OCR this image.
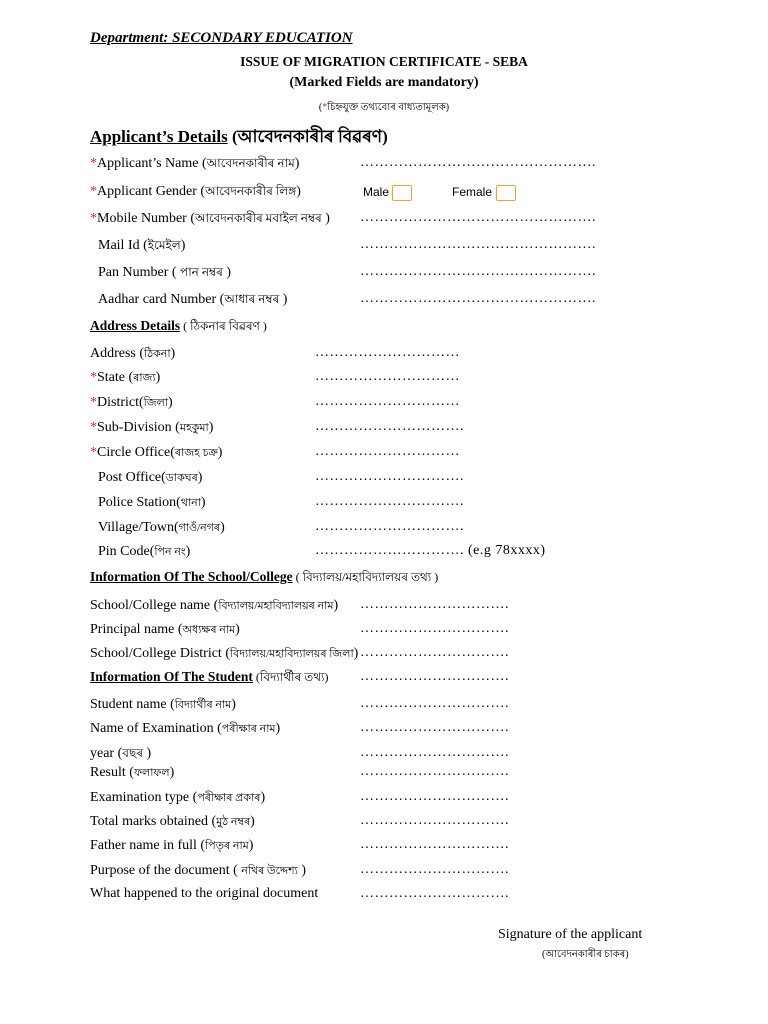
Department: SECONDARY EDUCATION
ISSUE OF MIGRATION CERTIFICATE - SEBA
(Marked Fields are mandatory)
(*চিহ্নযুক্ত তথ্যবোৰ বাধ্যতামূলক)
Applicant’s Details (আবেদনকাৰীৰ বিৱৰণ)
*Applicant’s Name (আবেদনকাৰীৰ নাম)	………………………………………….
*Applicant Gender (আবেদনকাৰীৰ লিঙ্গ)	Male	Female
*Mobile Number (আবেদনকাৰীৰ মবাইল নম্বৰ ) ………………………………………….
Mail Id (ইমেইল)	………………………………………….
Pan Number ( পান নম্বৰ )	………………………………………….
Aadhar card Number (আধাৰ নম্বৰ )	………………………………………….
Address Details ( ঠিকনাৰ বিৱৰণ )
Address (ঠিকনা)	…………………………
*State (ৰাজ্য)	…………………………
*District(জিলা)	…………………………
*Sub-Division (মহকুমা)	………………………….
*Circle Office(ৰাজহ চক্ৰ)	…………………………
Post Office(ডাকঘৰ)	………………………….
Police Station(থানা)	………………………….
Village/Town(গাওঁ/নগৰ)	………………………….
Pin Code(পিন নং)	…………………………. (e.g 78xxxx)
Information Of The School/College ( বিদ্যালয়/মহাবিদ্যালয়ৰ তথ্য )
School/College name (বিদ্যালয়/মহাবিদ্যালয়ৰ নাম) ………………………….
Principal name (অধ্যক্ষৰ নাম)	………………………….
School/College District (বিদ্যালয়/মহাবিদ্যালয়ৰ জিলা) ………………………….
Information Of The Student (বিদ্যাৰ্থীৰ তথ্য) ………………………….
Student name (বিদ্যাৰ্থীৰ নাম)	………………………….
Name of Examination (পৰীক্ষাৰ নাম)	………………………….
year (বছৰ )	………………………….
Result (ফলাফল)	………………………….
Examination type (পৰীক্ষাৰ প্ৰকাৰ)	………………………….
Total marks obtained (মুঠ নম্বৰ)	………………………….
Father name in full (পিতৃৰ নাম)	………………………….
Purpose of the document ( নথিৰ উদ্দেশ্য )	………………………….
What happened to the original document	………………………….
Signature of the applicant
(আবেদনকাৰীৰ চাকৰ)
